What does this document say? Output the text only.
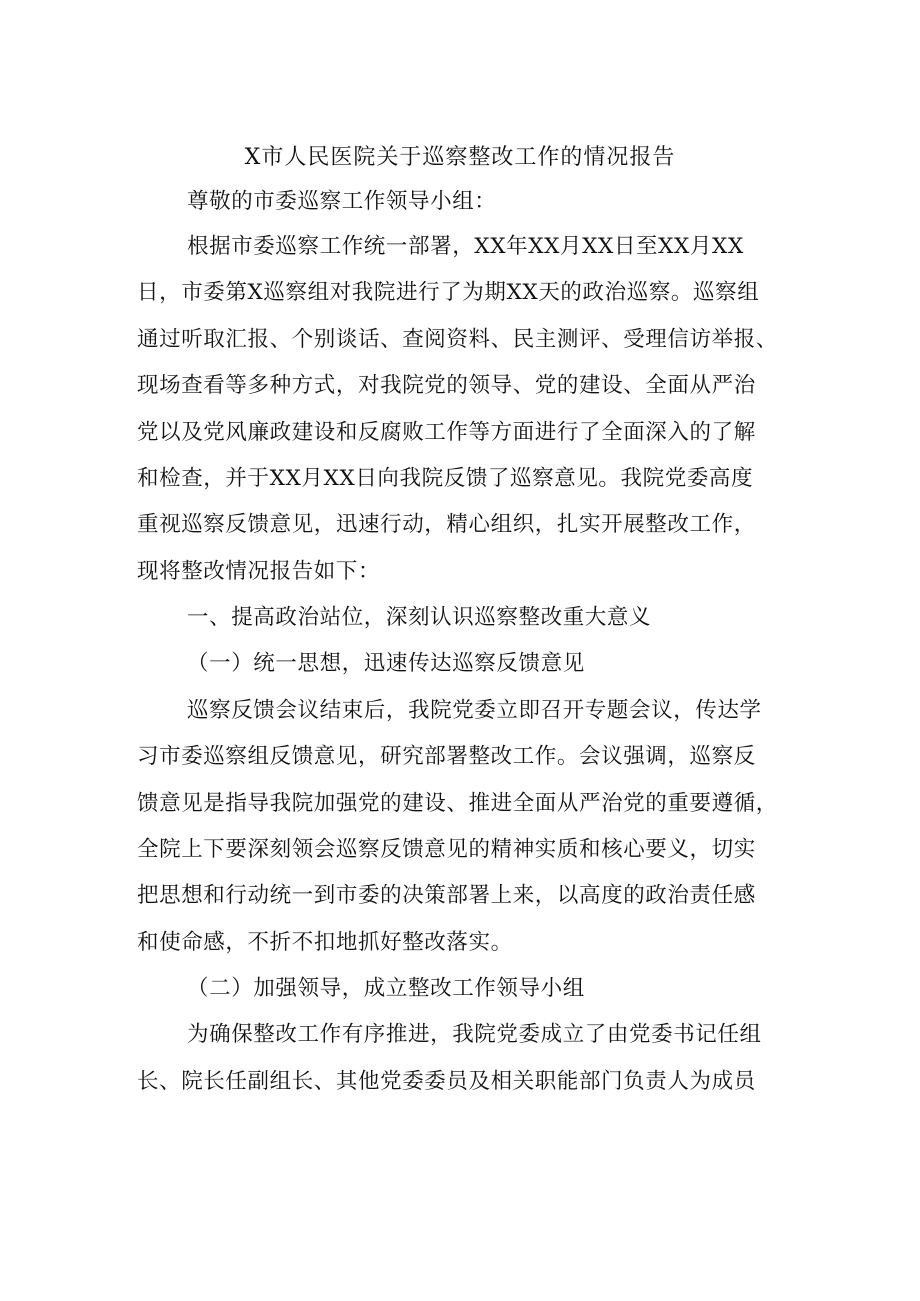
X市人民医院关于巡察整改工作的情况报告
尊敬的市委巡察工作领导小组：
根据市委巡察工作统一部署，XX年XX月XX日至XX月XX
日，市委第X巡察组对我院进行了为期XX天的政治巡察。巡察组
通过听取汇报、个别谈话、查阅资料、民主测评、受理信访举报、
现场查看等多种方式，对我院党的领导、党的建设、全面从严治
党以及党风廉政建设和反腐败工作等方面进行了全面深入的了解
和检查，并于XX月XX日向我院反馈了巡察意见。我院党委高度
重视巡察反馈意见，迅速行动，精心组织，扎实开展整改工作，
现将整改情况报告如下：
一、提高政治站位，深刻认识巡察整改重大意义
（一）统一思想，迅速传达巡察反馈意见
巡察反馈会议结束后，我院党委立即召开专题会议，传达学
习市委巡察组反馈意见，研究部署整改工作。会议强调，巡察反
馈意见是指导我院加强党的建设、推进全面从严治党的重要遵循，
全院上下要深刻领会巡察反馈意见的精神实质和核心要义，切实
把思想和行动统一到市委的决策部署上来，以高度的政治责任感
和使命感，不折不扣地抓好整改落实。
（二）加强领导，成立整改工作领导小组
为确保整改工作有序推进，我院党委成立了由党委书记任组
长、院长任副组长、其他党委委员及相关职能部门负责人为成员
